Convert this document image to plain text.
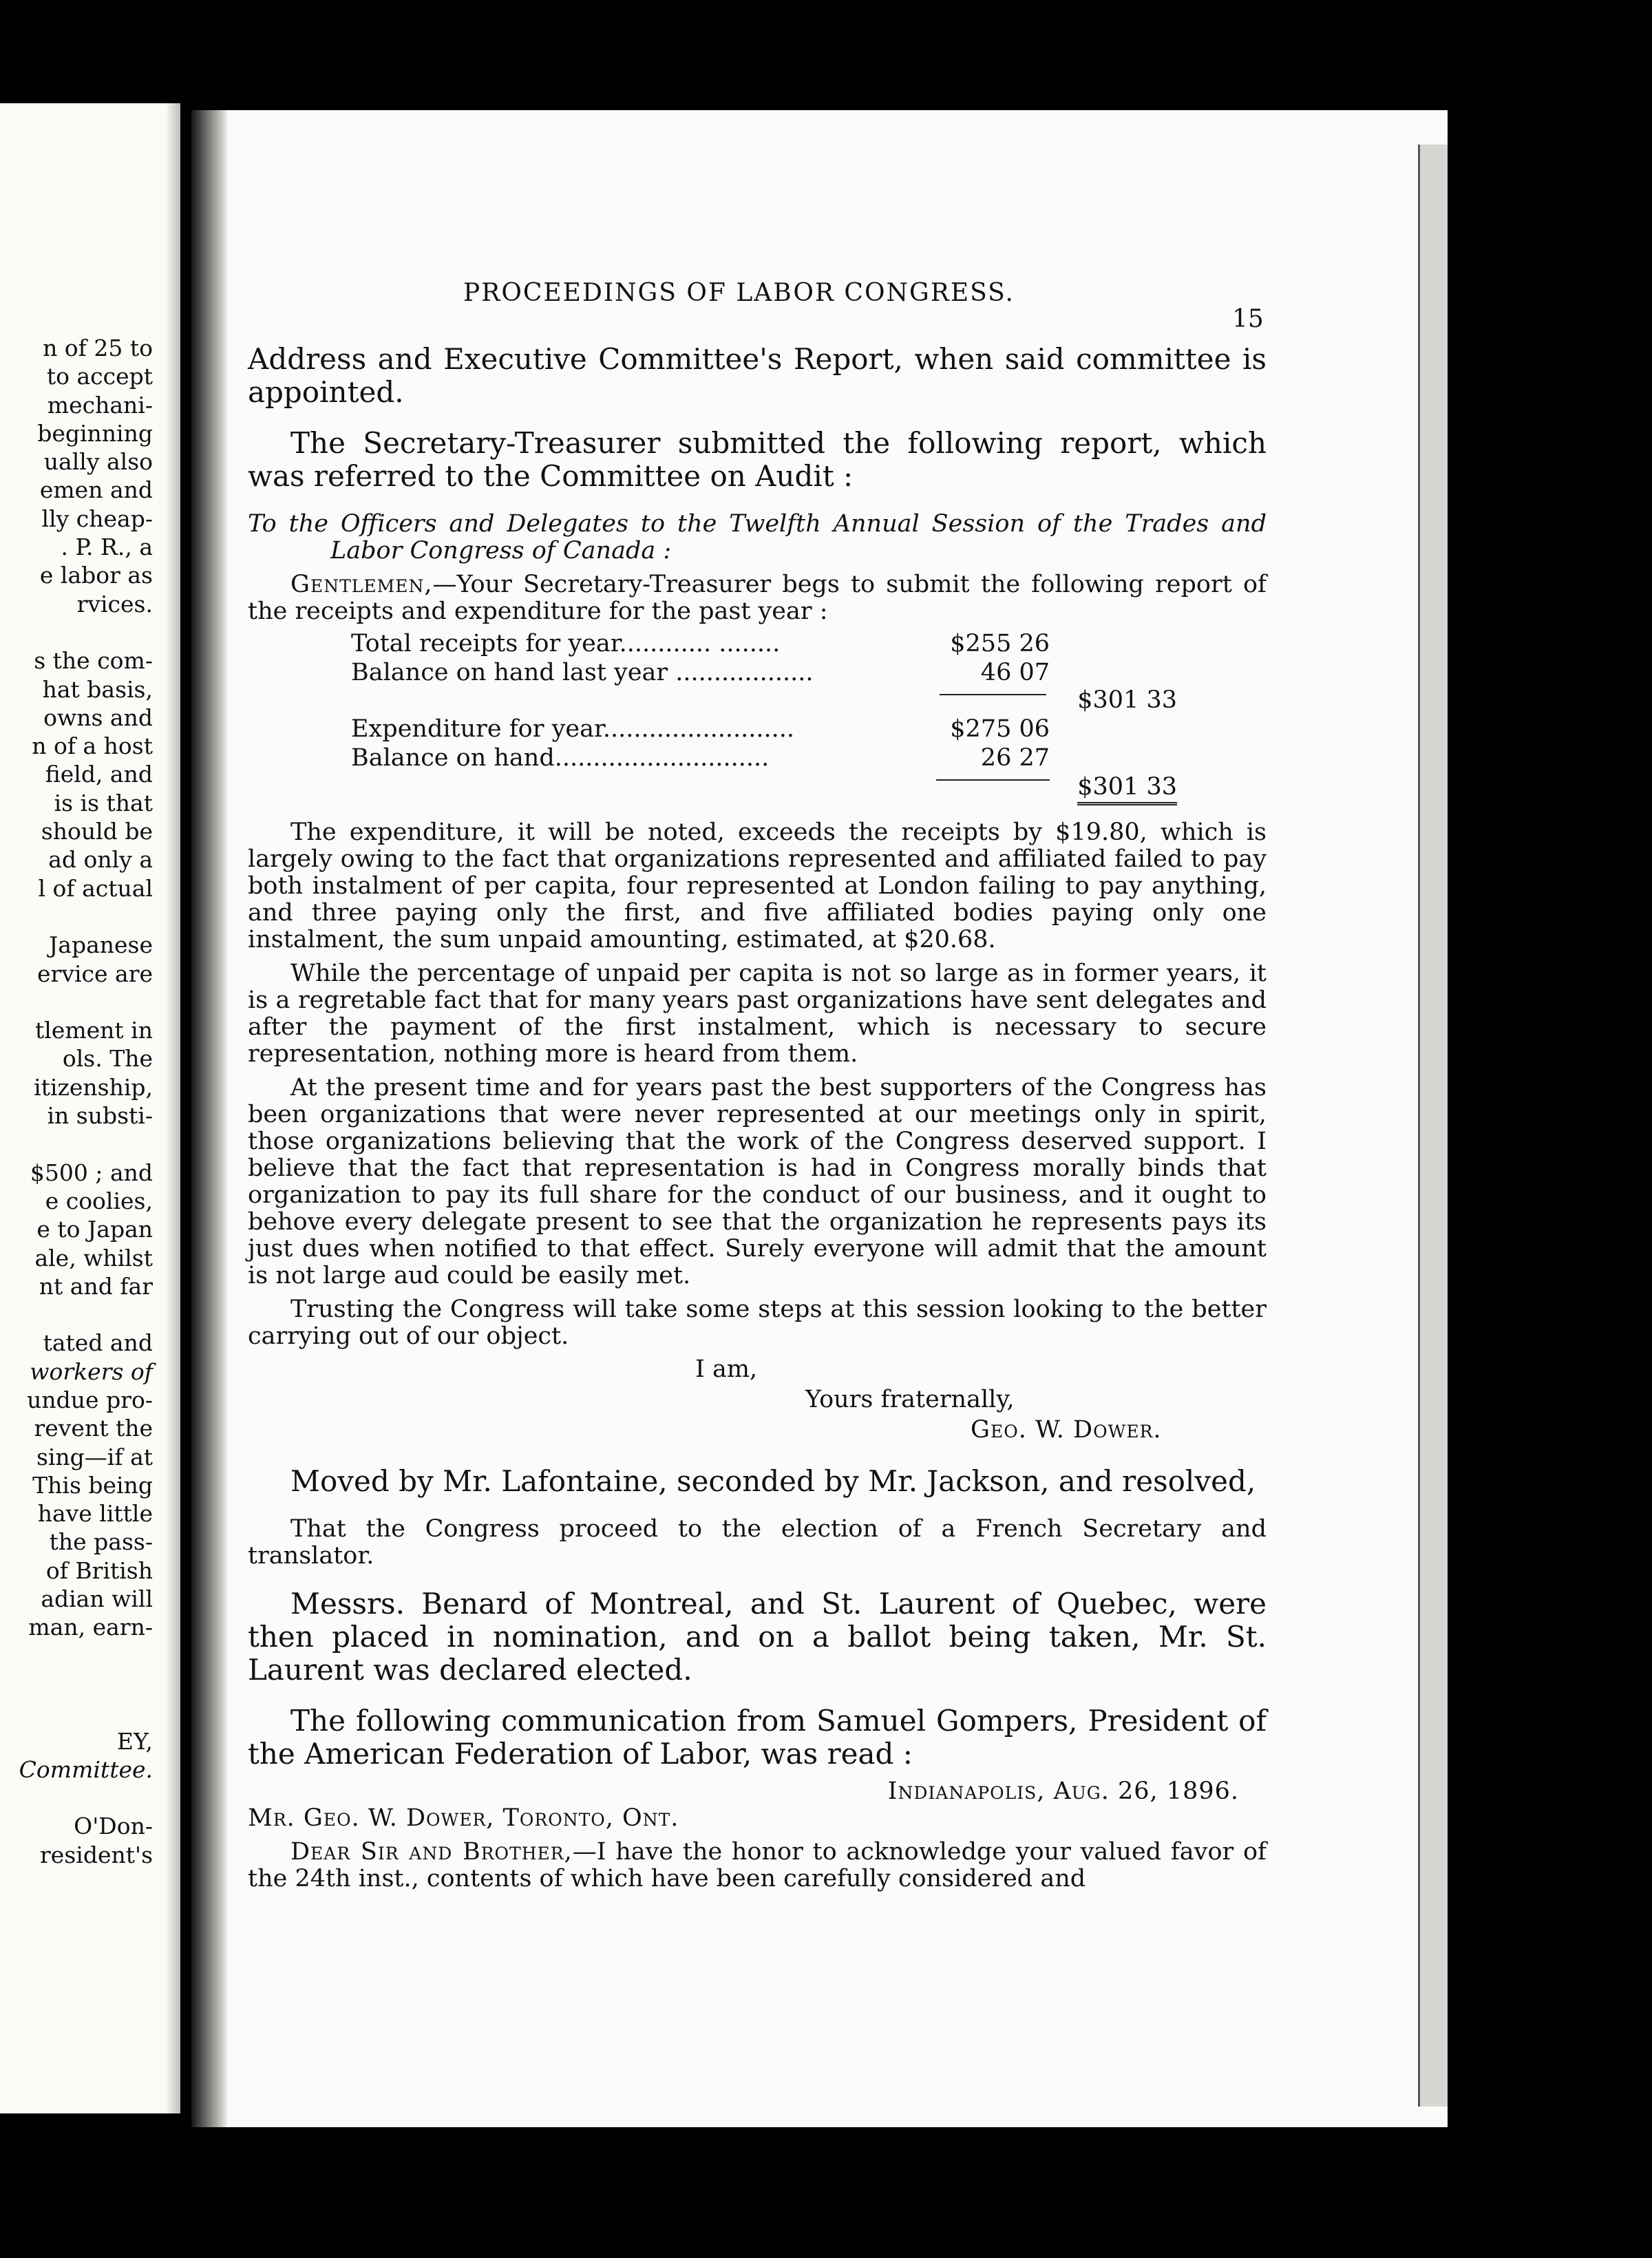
n of 25 to
to accept
mechani-
beginning
ually also
emen and
lly cheap-
. P. R., a
e labor as
rvices.
s the com-
hat basis,
owns and
n of a host
field, and
is is that
should be
ad only a
l of actual
Japanese
ervice are
tlement in
ols. The
itizenship,
in substi-
$500 ; and
e coolies,
e to Japan
ale, whilst
nt and far
tated and
workers of
undue pro-
revent the
sing—if at
This being
have little
the pass-
of British
adian will
man, earn-
EY,
Committee.
O'Don-
resident's
PROCEEDINGS OF LABOR CONGRESS.
15

Address and Executive Committee's Report, when said committee is appointed.

The Secretary-Treasurer submitted the following report, which was referred to the Committee on Audit :

To the Officers and Delegates to the Twelfth Annual Session of the Trades and Labor Congress of Canada :

Gentlemen,—Your Secretary-Treasurer begs to submit the following report of the receipts and expenditure for the past year :

Total receipts for year............ ........	$255 26
Balance on hand last year ..................	46 07
$301 33
Expenditure for year.........................	$275 06
Balance on hand............................	26 27
$301 33

The expenditure, it will be noted, exceeds the receipts by $19.80, which is largely owing to the fact that organizations represented and affiliated failed to pay both instalment of per capita, four represented at London failing to pay anything, and three paying only the first, and five affiliated bodies paying only one instalment, the sum unpaid amounting, estimated, at $20.68.

While the percentage of unpaid per capita is not so large as in former years, it is a regretable fact that for many years past organizations have sent delegates and after the payment of the first instalment, which is necessary to secure representation, nothing more is heard from them.

At the present time and for years past the best supporters of the Congress has been organizations that were never represented at our meetings only in spirit, those organizations believing that the work of the Congress deserved support. I believe that the fact that representation is had in Congress morally binds that organization to pay its full share for the conduct of our business, and it ought to behove every delegate present to see that the organization he represents pays its just dues when notified to that effect. Surely everyone will admit that the amount is not large aud could be easily met.

Trusting the Congress will take some steps at this session looking to the better carrying out of our object.

I am,
Yours fraternally,
Geo. W. Dower.

Moved by Mr. Lafontaine, seconded by Mr. Jackson, and resolved,

That the Congress proceed to the election of a French Secretary and translator.

Messrs. Benard of Montreal, and St. Laurent of Quebec, were then placed in nomination, and on a ballot being taken, Mr. St. Laurent was declared elected.

The following communication from Samuel Gompers, President of the American Federation of Labor, was read :

Indianapolis, Aug. 26, 1896.

Mr. Geo. W. Dower, Toronto, Ont.

Dear Sir and Brother,—I have the honor to acknowledge your valued favor of the 24th inst., contents of which have been carefully considered and
